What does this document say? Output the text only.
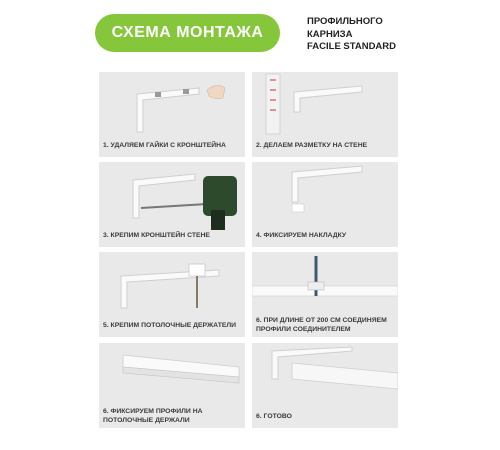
СХЕМА МОНТАЖА
ПРОФИЛЬНОГО
КАРНИЗА
FACILE STANDARD
1. УДАЛЯЕМ ГАЙКИ С КРОНШТЕЙНА	2. ДЕЛАЕМ РАЗМЕТКУ НА СТЕНЕ
3. КРЕПИМ КРОНШТЕЙН СТЕНЕ	4. ФИКСИРУЕМ НАКЛАДКУ
5. КРЕПИМ ПОТОЛОЧНЫЕ ДЕРЖАТЕЛИ
6. ПРИ ДЛИНЕ ОТ 200 СМ СОЕДИНЯЕМ ПРОФИЛИ СОЕДИНИТЕЛЕМ
6. ФИКСИРУЕМ ПРОФИЛИ НА ПОТОЛОЧНЫЕ ДЕРЖАЛИ
6. ГОТОВО
